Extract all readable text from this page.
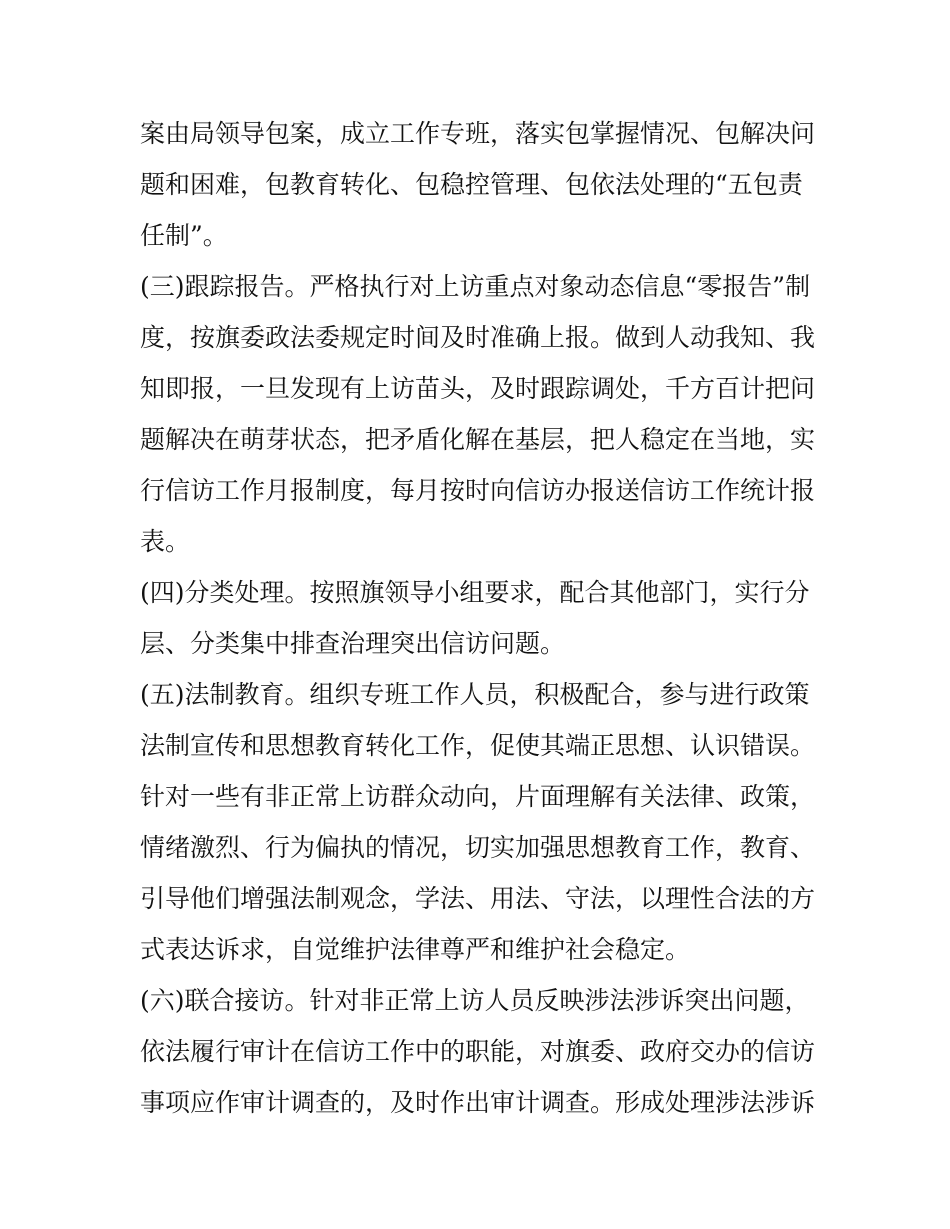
案由局领导包案，成立工作专班，落实包掌握情况、包解决问
题和困难，包教育转化、包稳控管理、包依法处理的“五包责
任制”。
(三)跟踪报告。严格执行对上访重点对象动态信息“零报告”制
度，按旗委政法委规定时间及时准确上报。做到人动我知、我
知即报，一旦发现有上访苗头，及时跟踪调处，千方百计把问
题解决在萌芽状态，把矛盾化解在基层，把人稳定在当地，实
行信访工作月报制度，每月按时向信访办报送信访工作统计报
表。
(四)分类处理。按照旗领导小组要求，配合其他部门，实行分
层、分类集中排查治理突出信访问题。
(五)法制教育。组织专班工作人员，积极配合，参与进行政策
法制宣传和思想教育转化工作，促使其端正思想、认识错误。
针对一些有非正常上访群众动向，片面理解有关法律、政策，
情绪激烈、行为偏执的情况，切实加强思想教育工作，教育、
引导他们增强法制观念，学法、用法、守法，以理性合法的方
式表达诉求，自觉维护法律尊严和维护社会稳定。
(六)联合接访。针对非正常上访人员反映涉法涉诉突出问题，
依法履行审计在信访工作中的职能，对旗委、政府交办的信访
事项应作审计调查的，及时作出审计调查。形成处理涉法涉诉
